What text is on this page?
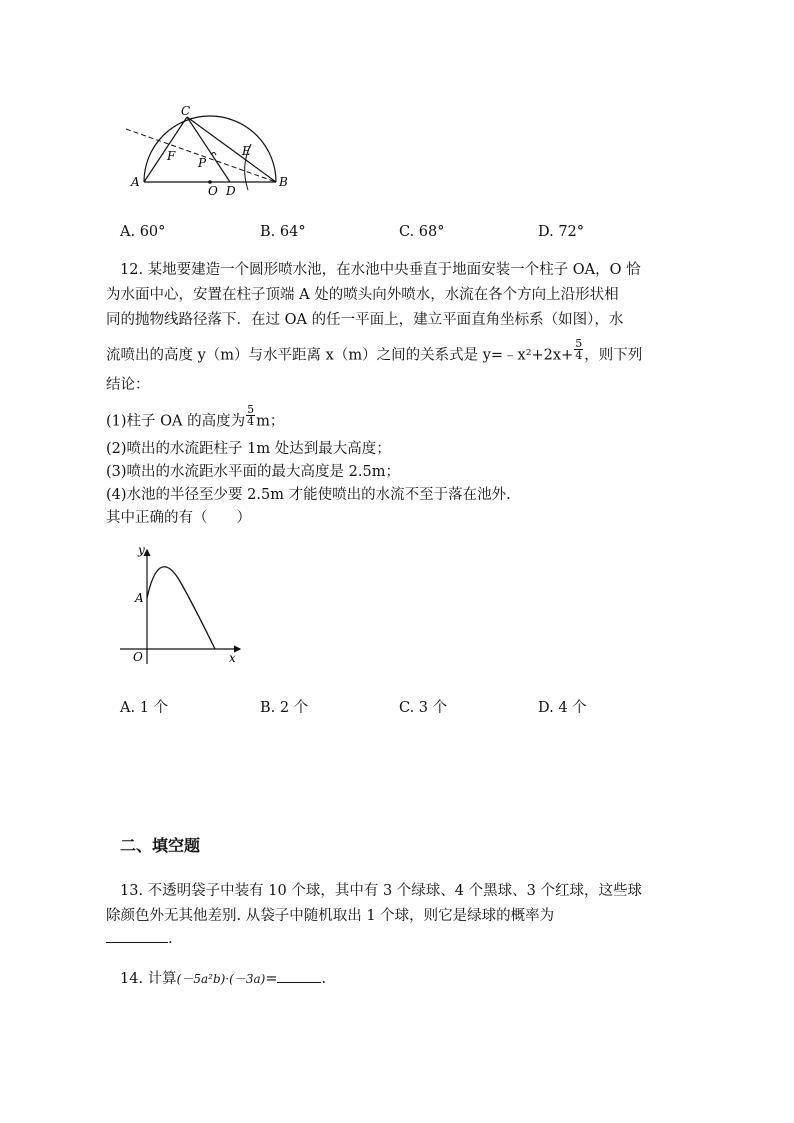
A	B
C
O D
E
F P
A. 60°	B. 64°	C. 68°	D. 72°
12. 某地要建造一个圆形喷水池，在水池中央垂直于地面安装一个柱子 OA，O 恰
为水面中心，安置在柱子顶端 A 处的喷头向外喷水，水流在各个方向上沿形状相
同的抛物线路径落下．在过 OA 的任一平面上，建立平面直角坐标系（如图），水
流喷出的高度 y（m）与水平距离 x（m）之间的关系式是 y=﹣x²+2x+ $\frac{5}{4}$ ，则下列
结论：
(1)柱子 OA 的高度为 $\frac{5}{4}$ m；
(2)喷出的水流距柱子 1m 处达到最大高度；
(3)喷出的水流距水平面的最大高度是 2.5m；
(4)水池的半径至少要 2.5m 才能使喷出的水流不至于落在池外.
其中正确的有（　　）
y
A
O	x
A. 1 个	B. 2 个	C. 3 个	D. 4 个
二、填空题
13. 不透明袋子中装有 10 个球，其中有 3 个绿球、4 个黑球、3 个红球，这些球
除颜色外无其他差别. 从袋子中随机取出 1 个球，则它是绿球的概率为
.
14. 计算(－5a²b)·(－3a)=	.
